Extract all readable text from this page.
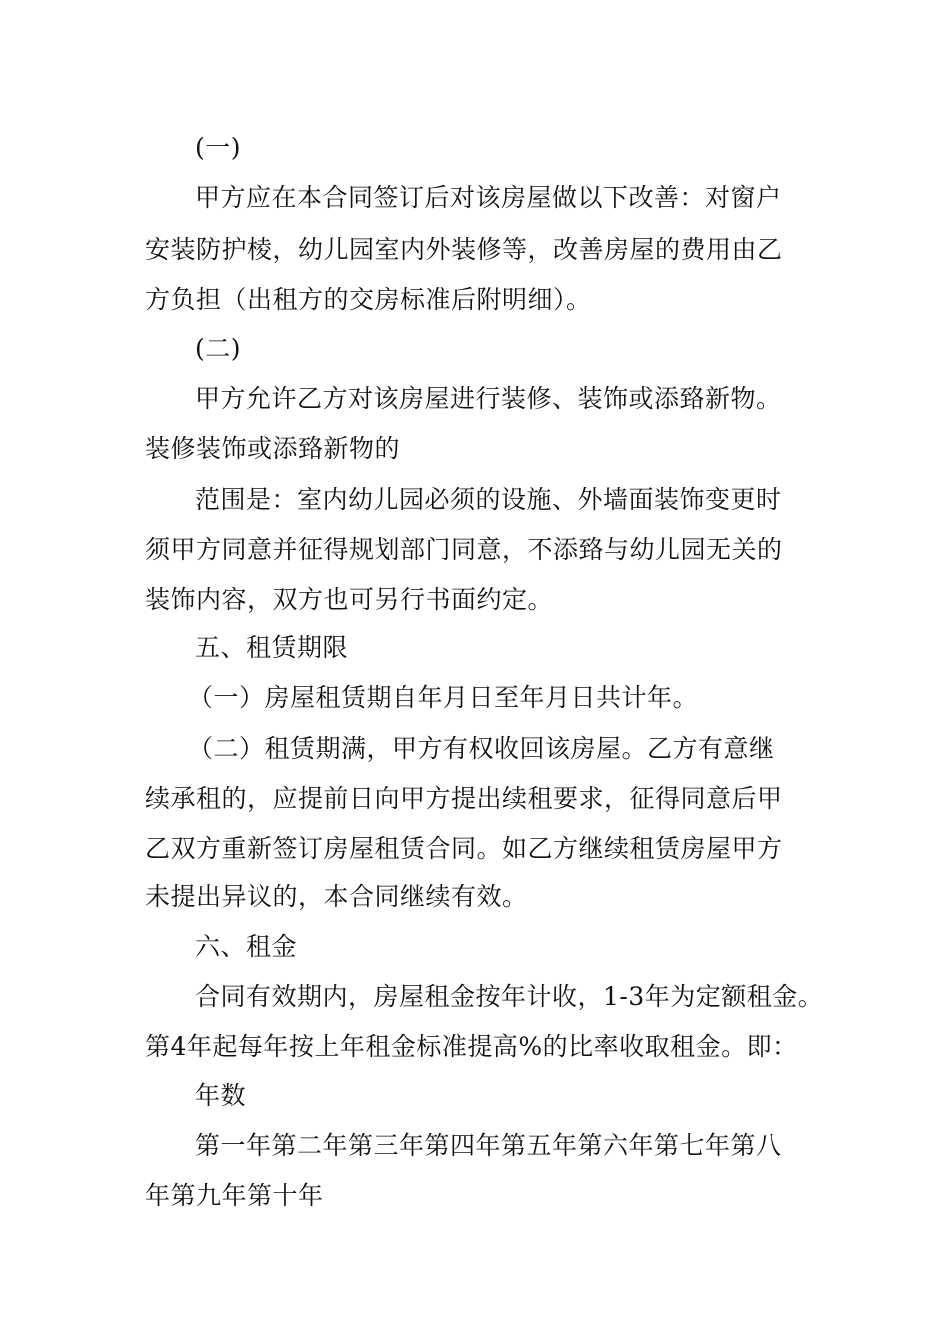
(一)
甲方应在本合同签订后对该房屋做以下改善：对窗户
安装防护棱，幼儿园室内外装修等，改善房屋的费用由乙
方负担（出租方的交房标准后附明细）。
(二)
甲方允许乙方对该房屋进行装修、装饰或添臵新物。
装修装饰或添臵新物的
范围是：室内幼儿园必须的设施、外墙面装饰变更时
须甲方同意并征得规划部门同意，不添臵与幼儿园无关的
装饰内容，双方也可另行书面约定。
五、租赁期限
（一）房屋租赁期自年月日至年月日共计年。
（二）租赁期满，甲方有权收回该房屋。乙方有意继
续承租的，应提前日向甲方提出续租要求，征得同意后甲
乙双方重新签订房屋租赁合同。如乙方继续租赁房屋甲方
未提出异议的，本合同继续有效。
六、租金
合同有效期内，房屋租金按年计收，1-3年为定额租金。
第4年起每年按上年租金标准提高%的比率收取租金。即：
年数
第一年第二年第三年第四年第五年第六年第七年第八
年第九年第十年
